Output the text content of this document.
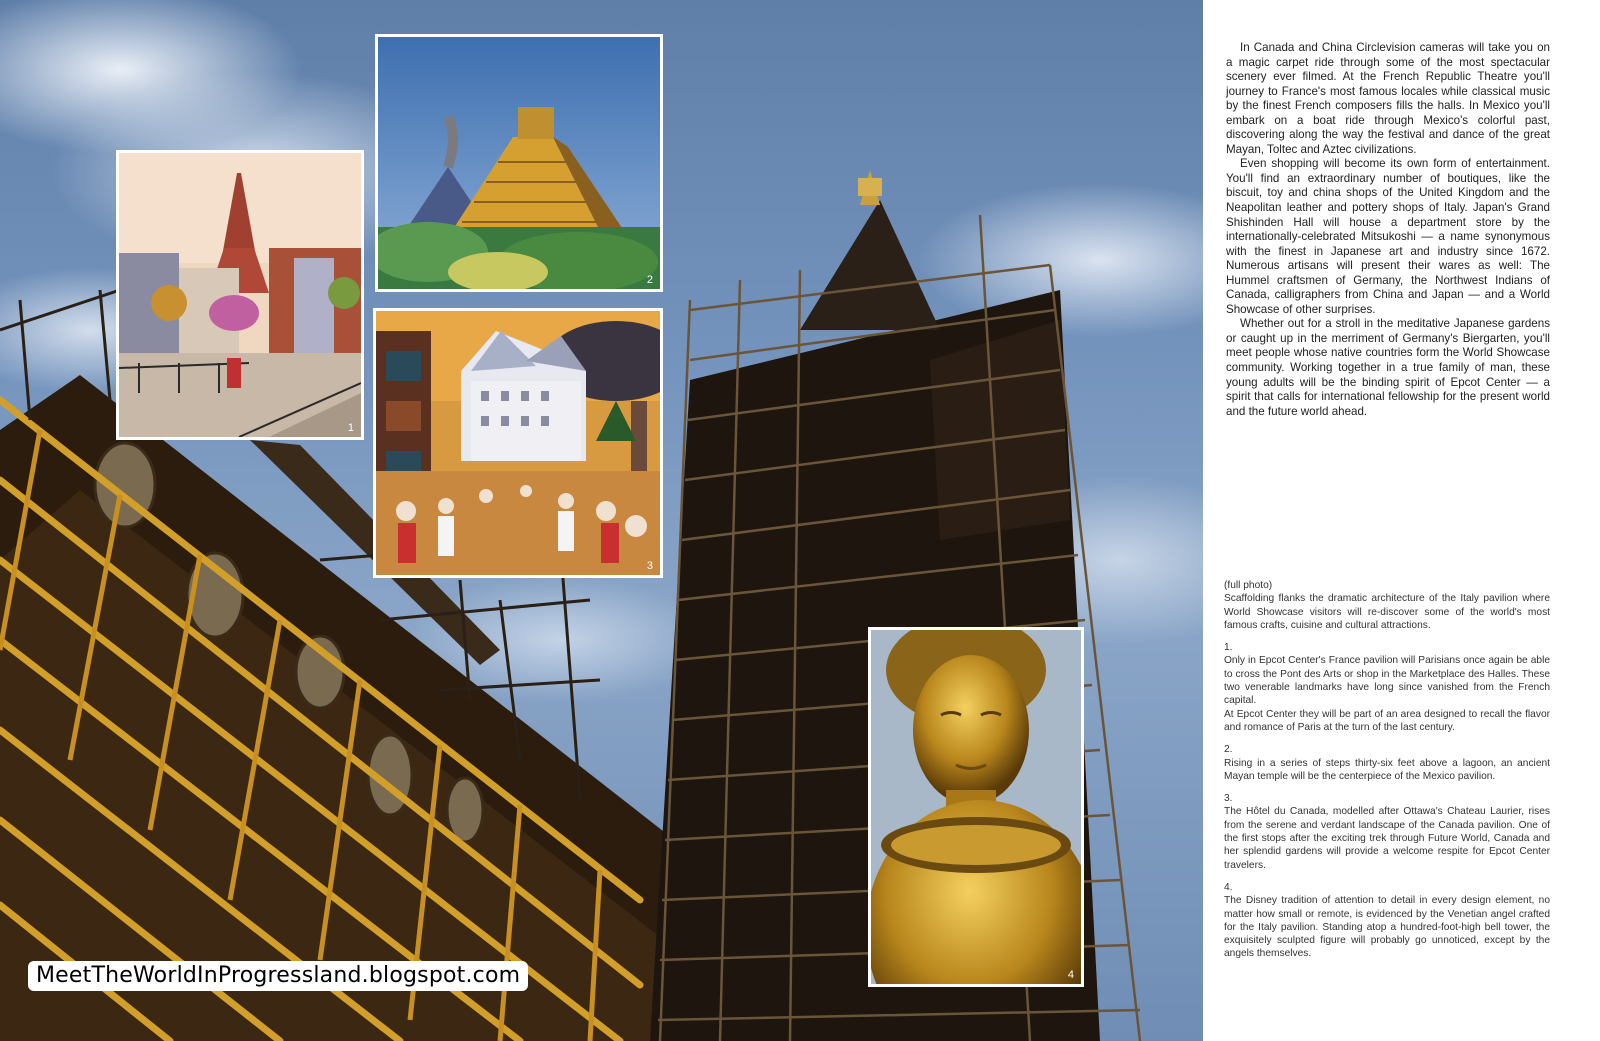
1
2
3
4
MeetTheWorldInProgressland.blogspot.com

In Canada and China Circlevision cameras will take you on a magic carpet ride through some of the most spectacular scenery ever filmed. At the French Republic Theatre you'll journey to France's most famous locales while classical music by the finest French composers fills the halls. In Mexico you'll embark on a boat ride through Mexico's colorful past, discovering along the way the festival and dance of the great Mayan, Toltec and Aztec civilizations.

Even shopping will become its own form of entertainment. You'll find an extraordinary number of boutiques, like the biscuit, toy and china shops of the United Kingdom and the Neapolitan leather and pottery shops of Italy. Japan's Grand Shishinden Hall will house a department store by the internationally-celebrated Mitsukoshi — a name synonymous with the finest in Japanese art and industry since 1672. Numerous artisans will present their wares as well: The Hummel craftsmen of Germany, the Northwest Indians of Canada, calligraphers from China and Japan — and a World Showcase of other surprises.

Whether out for a stroll in the meditative Japanese gardens or caught up in the merriment of Germany's Biergarten, you'll meet people whose native countries form the World Showcase community. Working together in a true family of man, these young adults will be the binding spirit of Epcot Center — a spirit that calls for international fellowship for the present world and the future world ahead.

(full photo)

Scaffolding flanks the dramatic architecture of the Italy pavilion where World Showcase visitors will re-discover some of the world's most famous crafts, cuisine and cultural attractions.

1.

Only in Epcot Center's France pavilion will Parisians once again be able to cross the Pont des Arts or shop in the Marketplace des Halles. These two venerable landmarks have long since vanished from the French capital.

At Epcot Center they will be part of an area designed to recall the flavor and romance of Paris at the turn of the last century.

2.

Rising in a series of steps thirty-six feet above a lagoon, an ancient Mayan temple will be the centerpiece of the Mexico pavilion.

3.

The Hôtel du Canada, modelled after Ottawa's Chateau Laurier, rises from the serene and verdant landscape of the Canada pavilion. One of the first stops after the exciting trek through Future World, Canada and her splendid gardens will provide a welcome respite for Epcot Center travelers.

4.

The Disney tradition of attention to detail in every design element, no matter how small or remote, is evidenced by the Venetian angel crafted for the Italy pavilion. Standing atop a hundred-foot-high bell tower, the exquisitely sculpted figure will probably go unnoticed, except by the angels themselves.
